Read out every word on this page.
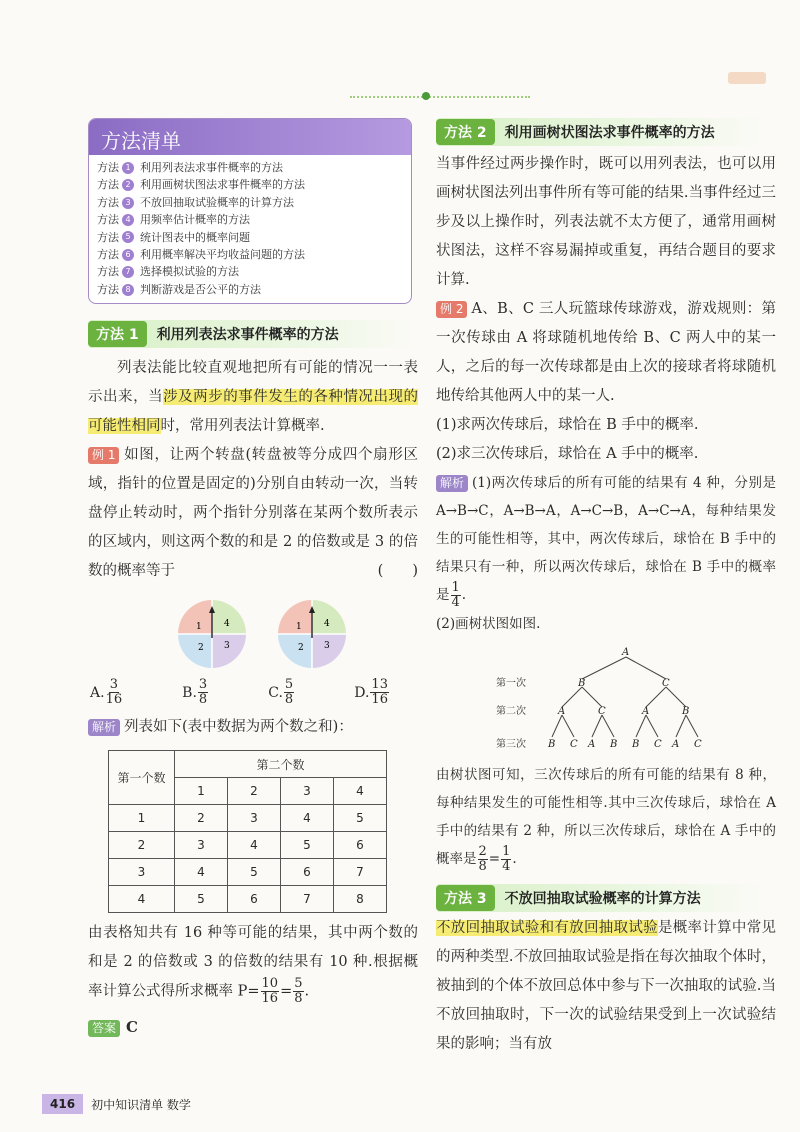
方法清单
方法 1 利用列表法求事件概率的方法
方法 2 利用画树状图法求事件概率的方法
方法 3 不放回抽取试验概率的计算方法
方法 4 用频率估计概率的方法
方法 5 统计图表中的概率问题
方法 6 利用概率解决平均收益问题的方法
方法 7 选择模拟试验的方法
方法 8 判断游戏是否公平的方法
方法 1	利用列表法求事件概率的方法

列表法能比较直观地把所有可能的情况一一表示出来，当涉及两步的事件发生的各种情况出现的可能性相同时，常用列表法计算概率.

例 1 如图，让两个转盘(转盘被等分成四个扇形区域，指针的位置是固定的)分别自由转动一次，当转盘停止转动时，两个指针分别落在某两个数所表示的区域内，则这两个数的和是 2 的倍数或是 3 的倍数的概率等于	(　　)

1 4
2 3
1 4
2 3
A. $\frac{3}{16}$	B. $\frac{3}{8}$	C. $\frac{5}{8}$	D. $\frac{13}{16}$

解析 列表如下(表中数据为两个数之和)：

第一个数	第二个数			
	1	2	3	4
1	2	3	4	5
2	3	4	5	6
3	4	5	6	7
4	5	6	7	8

由表格知共有 16 种等可能的结果，其中两个数的和是 2 的倍数或 3 的倍数的结果有 10 种.根据概率计算公式得所求概率 $P= \frac{10}{16} = \frac{5}{8}$ .

答案 C

方法 2	利用画树状图法求事件概率的方法

当事件经过两步操作时，既可以用列表法，也可以用画树状图法列出事件所有等可能的结果.当事件经过三步及以上操作时，列表法就不太方便了，通常用画树状图法，这样不容易漏掉或重复，再结合题目的要求计算.

例 2 A、B、C 三人玩篮球传球游戏，游戏规则：第一次传球由 A 将球随机地传给 B、C 两人中的某一人，之后的每一次传球都是由上次的接球者将球随机地传给其他两人中的某一人.

(1)求两次传球后，球恰在 B 手中的概率.

(2)求三次传球后，球恰在 A 手中的概率.

解析 (1)两次传球后的所有可能的结果有 4 种，分别是 A→B→C，A→B→A，A→C→B，A→C→A，每种结果发生的可能性相等，其中，两次传球后，球恰在 B 手中的结果只有一种，所以两次传球后，球恰在 B 手中的概率是 $\frac{1}{4}$ .

(2)画树状图如图.

A
B	C
A	C	A	B
B C A B B C A C
第一次
第二次
第三次

由树状图可知，三次传球后的所有可能的结果有 8 种，每种结果发生的可能性相等.其中三次传球后，球恰在 A 手中的结果有 2 种，所以三次传球后，球恰在 A 手中的概率是 $\frac{2}{8} = \frac{1}{4}$ .

方法 3	不放回抽取试验概率的计算方法

不放回抽取试验和有放回抽取试验是概率计算中常见的两种类型.不放回抽取试验是指在每次抽取个体时，被抽到的个体不放回总体中参与下一次抽取的试验.当不放回抽取时，下一次的试验结果受到上一次试验结果的影响；当有放

416	初中知识清单 数学
